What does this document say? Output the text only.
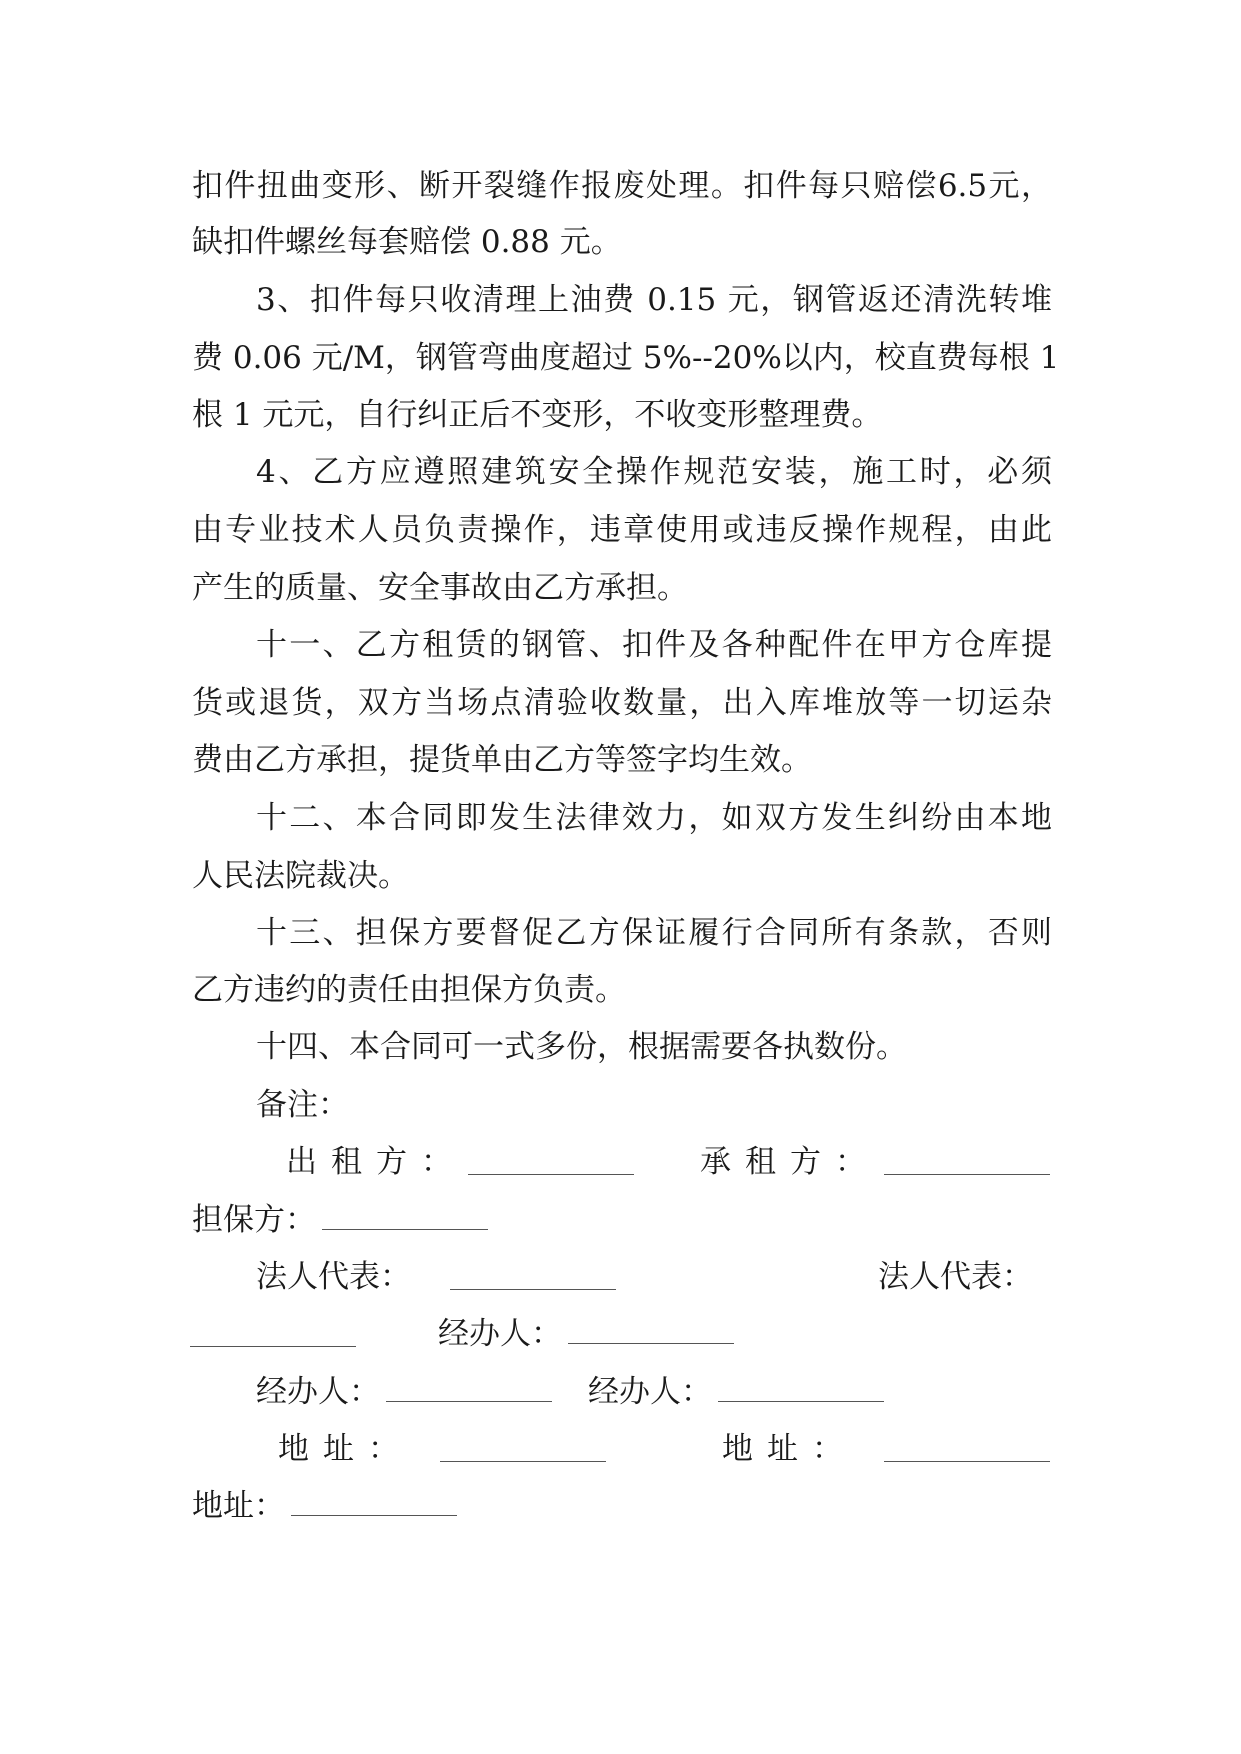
扣件扭曲变形、断开裂缝作报废处理。扣件每只赔偿6.5元，
缺扣件螺丝每套赔偿 0.88 元。
3、扣件每只收清理上油费 0.15 元，钢管返还清洗转堆
费 0.06 元/M，钢管弯曲度超过 5%--20%以内，校直费每根 1
根 1 元元，自行纠正后不变形，不收变形整理费。
4、乙方应遵照建筑安全操作规范安装，施工时，必须
由专业技术人员负责操作，违章使用或违反操作规程，由此
产生的质量、安全事故由乙方承担。
十一、乙方租赁的钢管、扣件及各种配件在甲方仓库提
货或退货，双方当场点清验收数量，出入库堆放等一切运杂
费由乙方承担，提货单由乙方等签字均生效。
十二、本合同即发生法律效力，如双方发生纠纷由本地
人民法院裁决。
十三、担保方要督促乙方保证履行合同所有条款，否则
乙方违约的责任由担保方负责。
十四、本合同可一式多份，根据需要各执数份。
备注：
出租方：	承租方：
担保方：
法人代表：	法人代表：
经办人：
经办人：	经办人：
地址：	地址：
地址：
